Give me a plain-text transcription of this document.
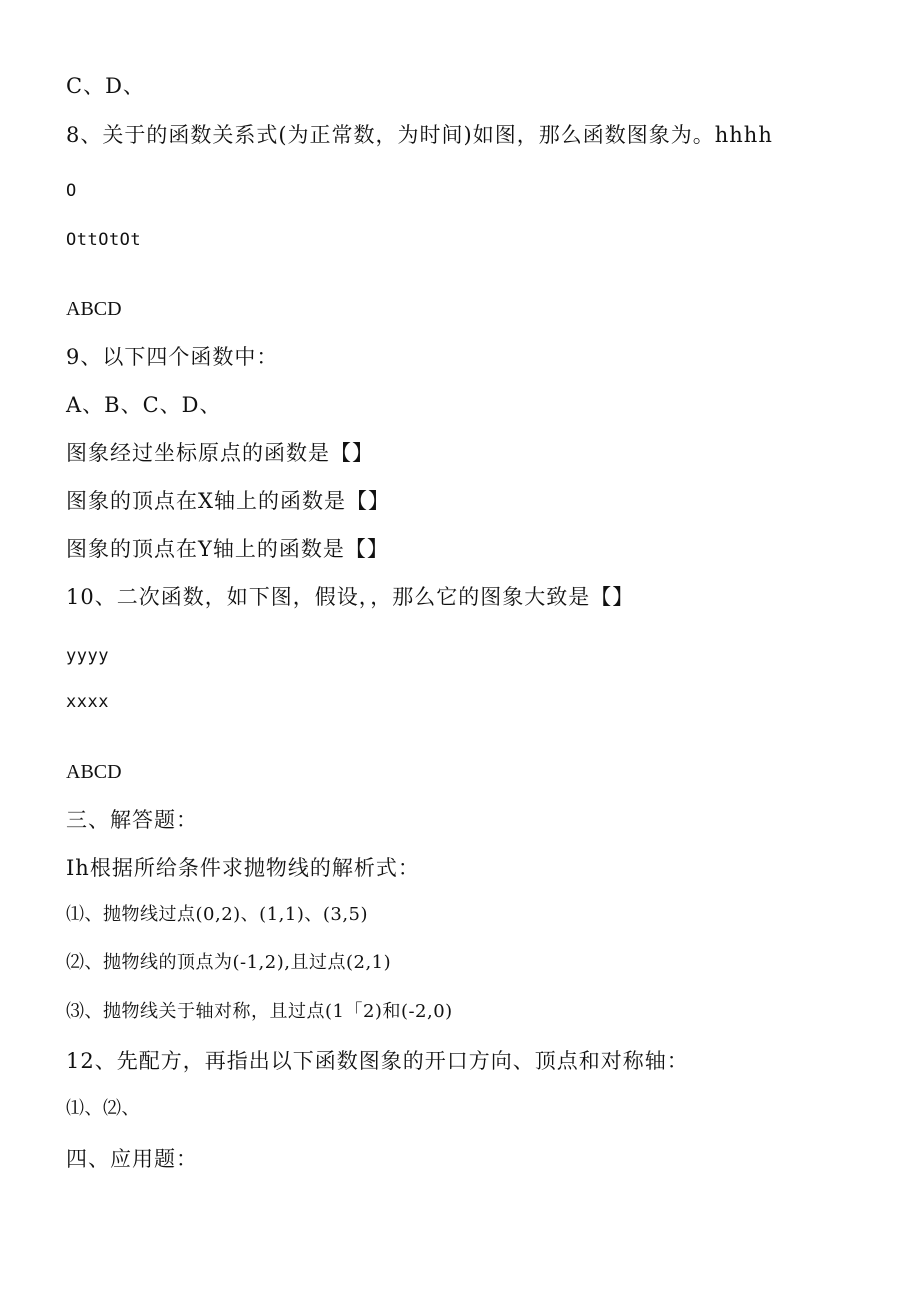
C、D、
8、关于的函数关系式(为正常数，为时间)如图，那么函数图象为。hhhh
O
OttOtOt
ABCD
9、以下四个函数中：
A、B、C、D、
图象经过坐标原点的函数是【】
图象的顶点在X轴上的函数是【】
图象的顶点在Y轴上的函数是【】
10、二次函数，如下图，假设，，那么它的图象大致是【】
yyyy
xxxx
ABCD
三、解答题：
Ih根据所给条件求抛物线的解析式：
⑴、抛物线过点(0,2)、(1,1)、(3,5)
⑵、抛物线的顶点为(-1,2),且过点(2,1)
⑶、抛物线关于轴对称，且过点(1「2)和(-2,0)
12、先配方，再指出以下函数图象的开口方向、顶点和对称轴：
⑴、⑵、
四、应用题：
